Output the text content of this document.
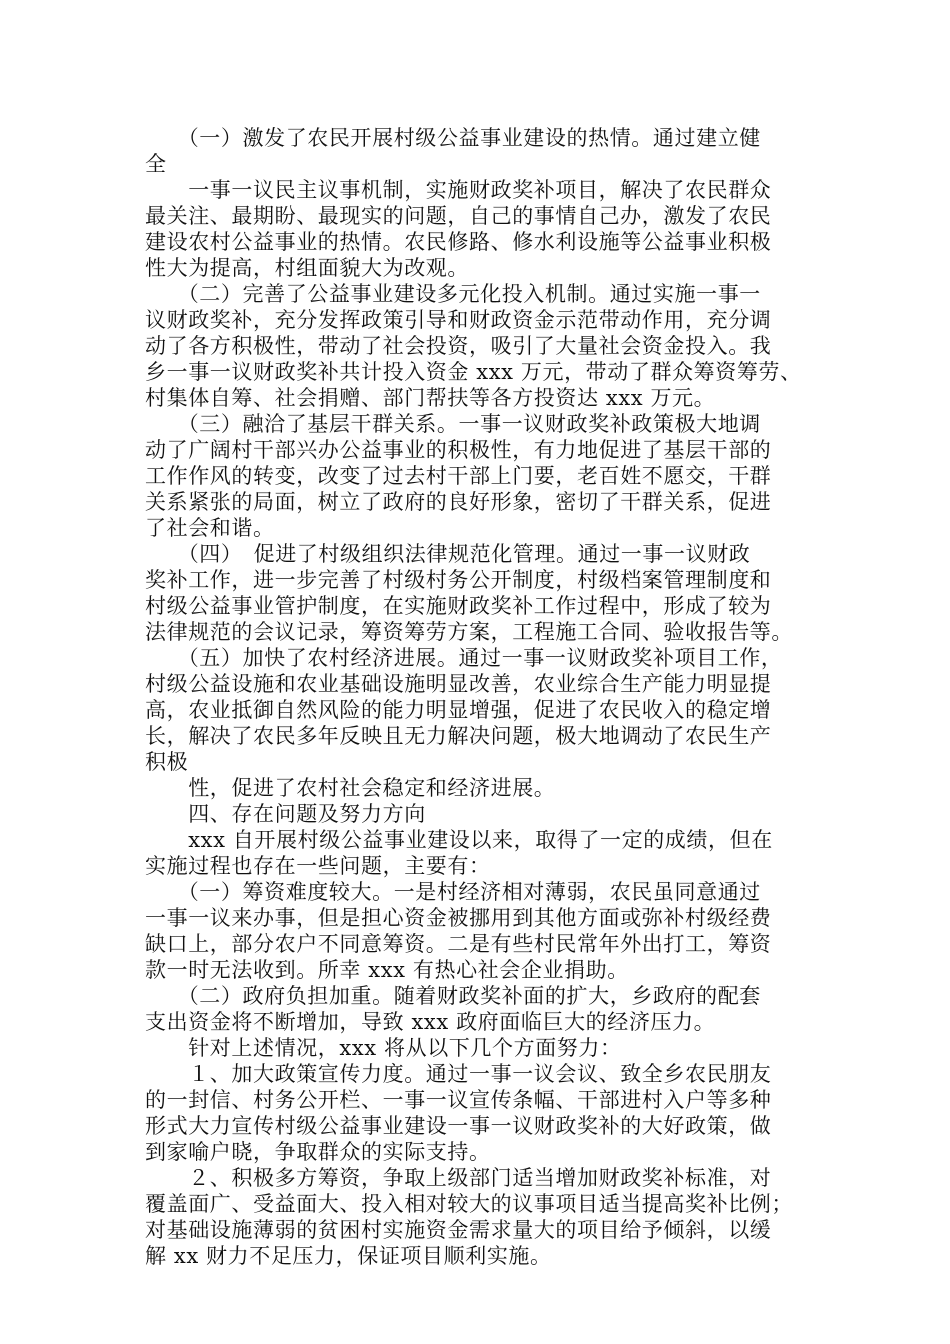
　　（一）激发了农民开展村级公益事业建设的热情。通过建立健
全
　　一事一议民主议事机制，实施财政奖补项目，解决了农民群众
最关注、最期盼、最现实的问题，自己的事情自己办，激发了农民
建设农村公益事业的热情。农民修路、修水利设施等公益事业积极
性大为提高，村组面貌大为改观。
　　（二）完善了公益事业建设多元化投入机制。通过实施一事一
议财政奖补，充分发挥政策引导和财政资金示范带动作用，充分调
动了各方积极性，带动了社会投资，吸引了大量社会资金投入。我
乡一事一议财政奖补共计投入资金 xxx 万元，带动了群众筹资筹劳、
村集体自筹、社会捐赠、部门帮扶等各方投资达 xxx 万元。
　　（三）融洽了基层干群关系。一事一议财政奖补政策极大地调
动了广阔村干部兴办公益事业的积极性，有力地促进了基层干部的
工作作风的转变，改变了过去村干部上门要，老百姓不愿交，干群
关系紧张的局面，树立了政府的良好形象，密切了干群关系，促进
了社会和谐。
　　（四）　促进了村级组织法律规范化管理。通过一事一议财政
奖补工作，进一步完善了村级村务公开制度，村级档案管理制度和
村级公益事业管护制度，在实施财政奖补工作过程中，形成了较为
法律规范的会议记录，筹资筹劳方案，工程施工合同、验收报告等。
　　（五）加快了农村经济进展。通过一事一议财政奖补项目工作，
村级公益设施和农业基础设施明显改善，农业综合生产能力明显提
高，农业抵御自然风险的能力明显增强，促进了农民收入的稳定增
长，解决了农民多年反映且无力解决问题，极大地调动了农民生产
积极
　　性，促进了农村社会稳定和经济进展。
　　四、存在问题及努力方向
　　xxx 自开展村级公益事业建设以来，取得了一定的成绩，但在
实施过程也存在一些问题，主要有：
　　（一）筹资难度较大。一是村经济相对薄弱，农民虽同意通过
一事一议来办事，但是担心资金被挪用到其他方面或弥补村级经费
缺口上，部分农户不同意筹资。二是有些村民常年外出打工，筹资
款一时无法收到。所幸 xxx 有热心社会企业捐助。
　　（二）政府负担加重。随着财政奖补面的扩大，乡政府的配套
支出资金将不断增加，导致 xxx 政府面临巨大的经济压力。
　　针对上述情况，xxx 将从以下几个方面努力：
　　１、加大政策宣传力度。通过一事一议会议、致全乡农民朋友
的一封信、村务公开栏、一事一议宣传条幅、干部进村入户等多种
形式大力宣传村级公益事业建设一事一议财政奖补的大好政策，做
到家喻户晓，争取群众的实际支持。
　　２、积极多方筹资，争取上级部门适当增加财政奖补标准，对
覆盖面广、受益面大、投入相对较大的议事项目适当提高奖补比例；
对基础设施薄弱的贫困村实施资金需求量大的项目给予倾斜，以缓
解 xx 财力不足压力，保证项目顺利实施。
